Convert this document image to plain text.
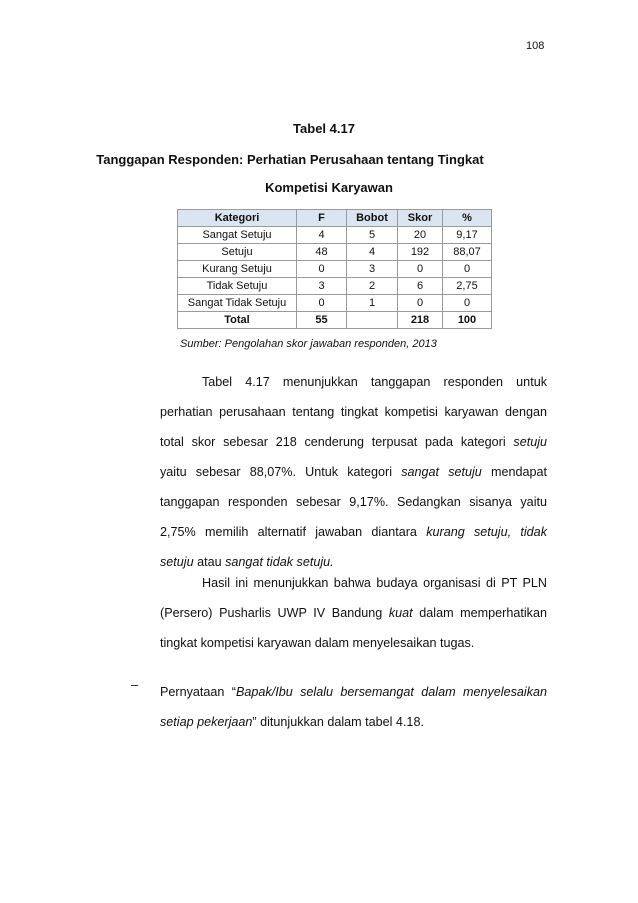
108
Tabel 4.17
Tanggapan Responden: Perhatian Perusahaan tentang Tingkat
Kompetisi Karyawan
Kategori	F	Bobot	Skor	%
Sangat Setuju	4	5	20	9,17
Setuju	48	4	192	88,07
Kurang Setuju	0	3	0	0
Tidak Setuju	3	2	6	2,75
Sangat Tidak Setuju	0	1	0	0
Total	55		218	100
Sumber: Pengolahan skor jawaban responden, 2013
Tabel 4.17 menunjukkan tanggapan responden untuk
perhatian perusahaan tentang tingkat kompetisi karyawan dengan
total skor sebesar 218 cenderung terpusat pada kategori setuju
yaitu sebesar 88,07%. Untuk kategori sangat setuju mendapat
tanggapan responden sebesar 9,17%. Sedangkan sisanya yaitu
2,75% memilih alternatif jawaban diantara kurang setuju, tidak
setuju atau sangat tidak setuju.
Hasil ini menunjukkan bahwa budaya organisasi di PT PLN
(Persero) Pusharlis UWP IV Bandung kuat dalam memperhatikan
tingkat kompetisi karyawan dalam menyelesaikan tugas.
– Pernyataan “Bapak/Ibu selalu bersemangat dalam menyelesaikan
setiap pekerjaan” ditunjukkan dalam tabel 4.18.
